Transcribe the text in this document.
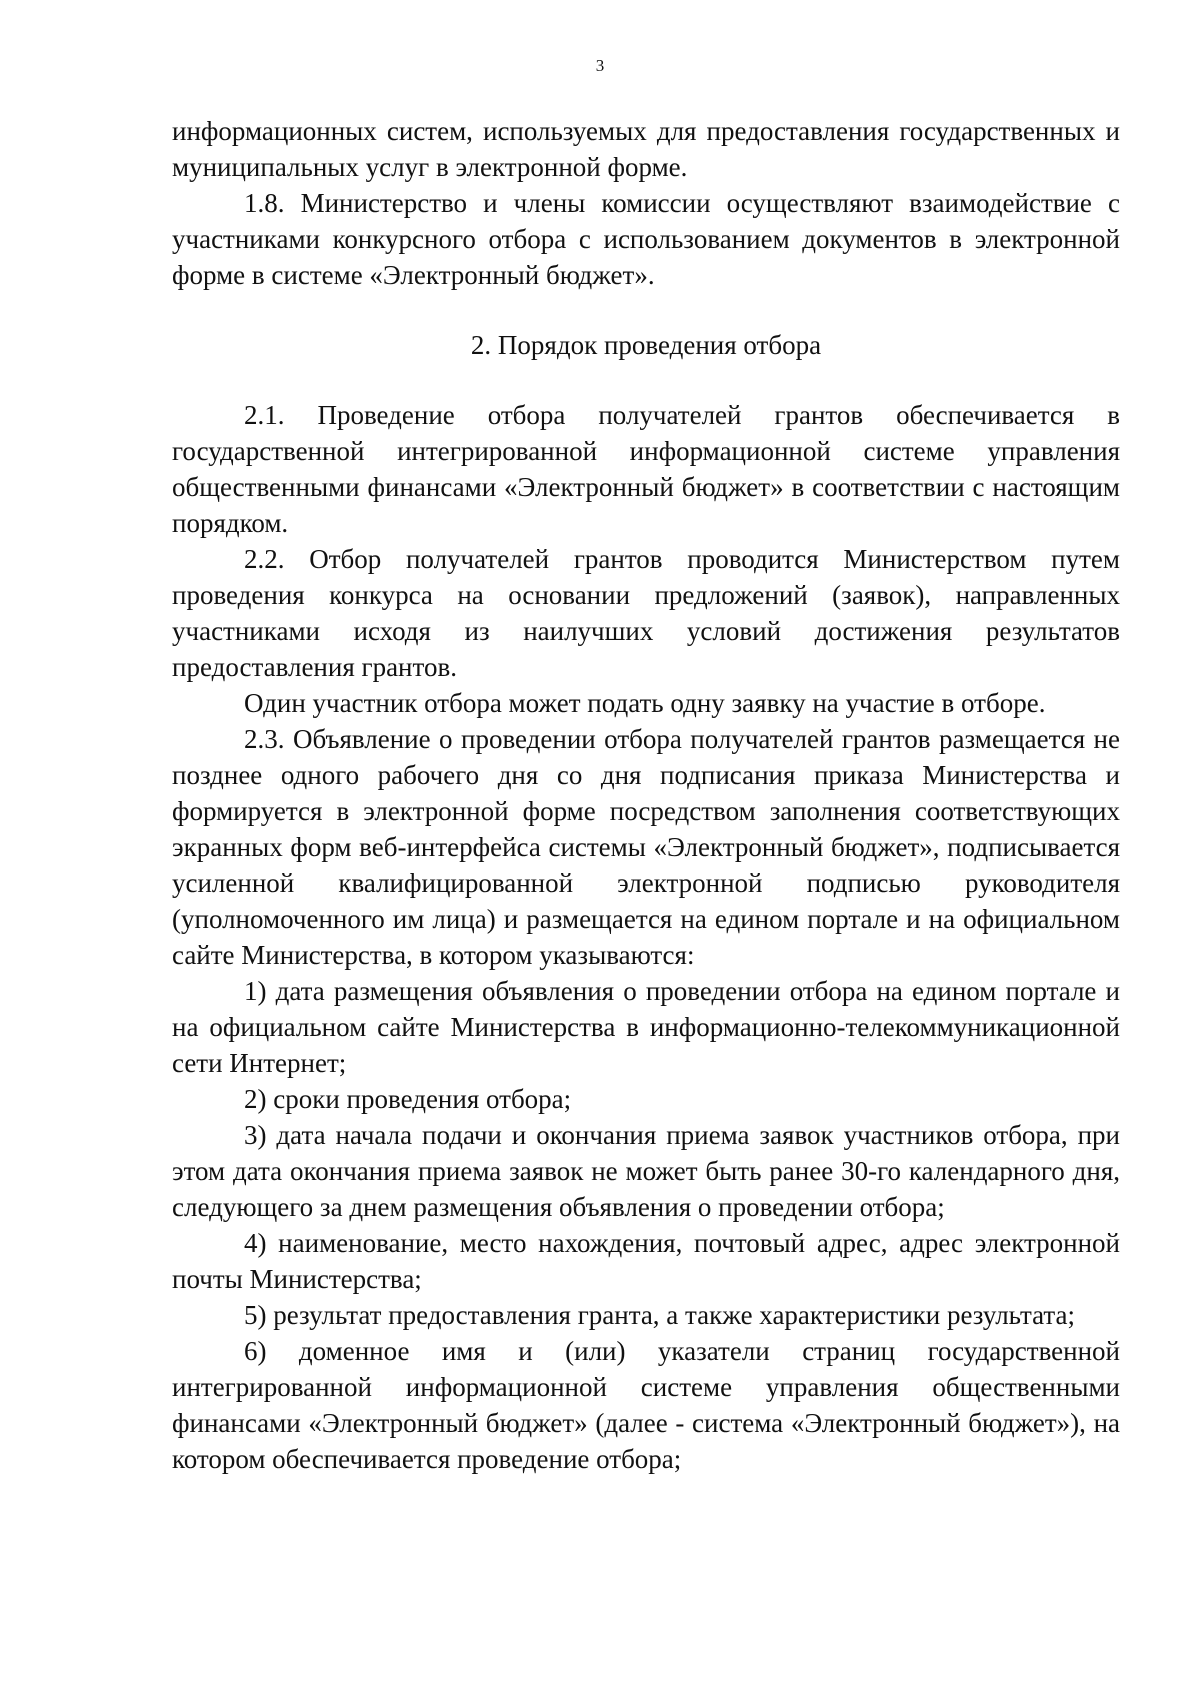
3

информационных систем, используемых для предоставления государственных и муниципальных услуг в электронной форме.

1.8. Министерство и члены комиссии осуществляют взаимодействие с участниками конкурсного отбора с использованием документов в электронной форме в системе «Электронный бюджет».

2. Порядок проведения отбора

2.1. Проведение отбора получателей грантов обеспечивается в государственной интегрированной информационной системе управления общественными финансами «Электронный бюджет» в соответствии с настоящим порядком.

2.2. Отбор получателей грантов проводится Министерством путем проведения конкурса на основании предложений (заявок), направленных участниками исходя из наилучших условий достижения результатов предоставления грантов.

Один участник отбора может подать одну заявку на участие в отборе.

2.3. Объявление о проведении отбора получателей грантов размещается не позднее одного рабочего дня со дня подписания приказа Министерства и формируется в электронной форме посредством заполнения соответствующих экранных форм веб-интерфейса системы «Электронный бюджет», подписывается усиленной квалифицированной электронной подписью руководителя (уполномоченного им лица) и размещается на едином портале и на официальном сайте Министерства, в котором указываются:

1) дата размещения объявления о проведении отбора на едином портале и на официальном сайте Министерства в информационно-телекоммуникационной сети Интернет;

2) сроки проведения отбора;

3) дата начала подачи и окончания приема заявок участников отбора, при этом дата окончания приема заявок не может быть ранее 30-го календарного дня, следующего за днем размещения объявления о проведении отбора;

4) наименование, место нахождения, почтовый адрес, адрес электронной почты Министерства;

5) результат предоставления гранта, а также характеристики результата;

6) доменное имя и (или) указатели страниц государственной интегрированной информационной системе управления общественными финансами «Электронный бюджет» (далее - система «Электронный бюджет»), на котором обеспечивается проведение отбора;
